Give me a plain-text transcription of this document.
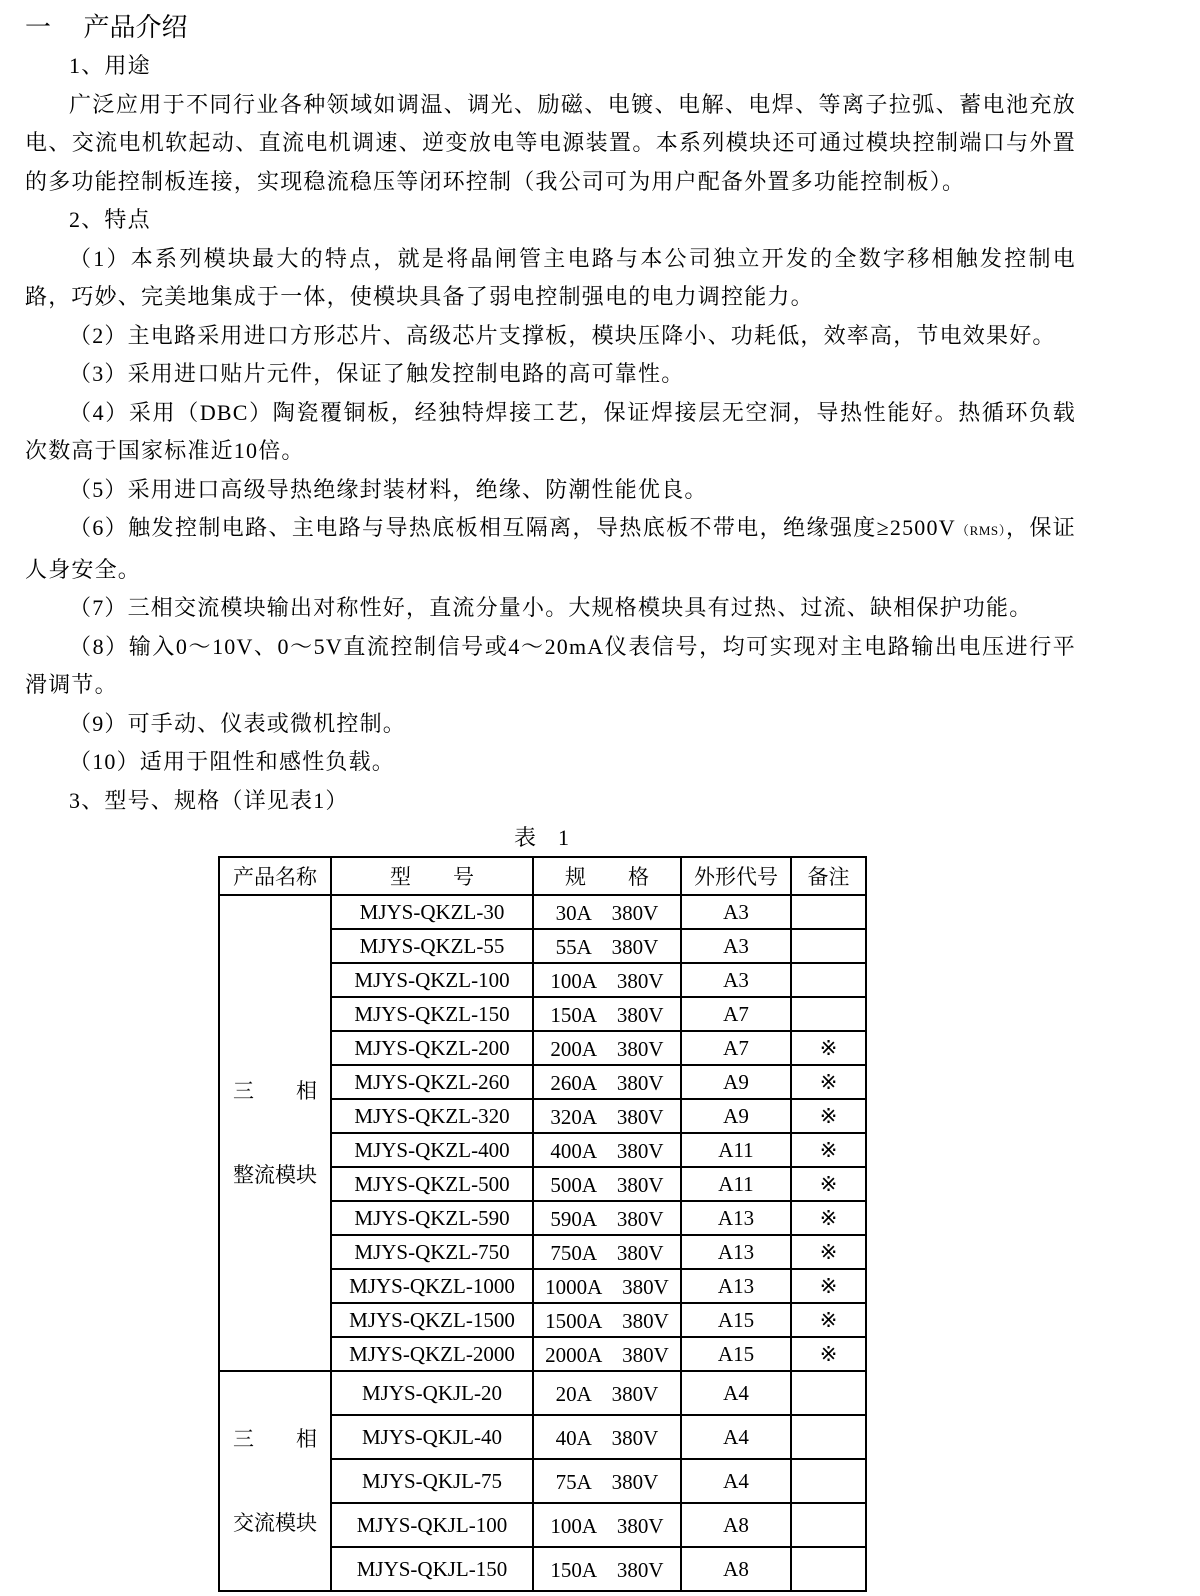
一　 产品介绍

1、用途

广泛应用于不同行业各种领域如调温、调光、励磁、电镀、电解、电焊、等离子拉弧、蓄电池充放电、交流电机软起动、直流电机调速、逆变放电等电源装置。本系列模块还可通过模块控制端口与外置的多功能控制板连接，实现稳流稳压等闭环控制（我公司可为用户配备外置多功能控制板）。

2、特点

（1）本系列模块最大的特点，就是将晶闸管主电路与本公司独立开发的全数字移相触发控制电路，巧妙、完美地集成于一体，使模块具备了弱电控制强电的电力调控能力。

（2）主电路采用进口方形芯片、高级芯片支撑板，模块压降小、功耗低，效率高，节电效果好。

（3）采用进口贴片元件，保证了触发控制电路的高可靠性。

（4）采用（DBC）陶瓷覆铜板，经独特焊接工艺，保证焊接层无空洞，导热性能好。热循环负载次数高于国家标准近10倍。

（5）采用进口高级导热绝缘封装材料，绝缘、防潮性能优良。

（6）触发控制电路、主电路与导热底板相互隔离，导热底板不带电，绝缘强度≥2500V（RMS），保证人身安全。

（7）三相交流模块输出对称性好，直流分量小。大规格模块具有过热、过流、缺相保护功能。

（8）输入0～10V、0～5V直流控制信号或4～20mA仪表信号，均可实现对主电路输出电压进行平滑调节。

（9）可手动、仪表或微机控制。

（10）适用于阻性和感性负载。

3、型号、规格（详见表1）

表　1
产品名称	型　　号	规　　格	外形代号	备注

三　　相

整流模块	MJYS-QKZL-30	30A　380V	A3	
	MJYS-QKZL-55	55A　380V	A3	
	MJYS-QKZL-100	100A　380V	A3	
	MJYS-QKZL-150	150A　380V	A7	
	MJYS-QKZL-200	200A　380V	A7	※
	MJYS-QKZL-260	260A　380V	A9	※
	MJYS-QKZL-320	320A　380V	A9	※
	MJYS-QKZL-400	400A　380V	A11	※
	MJYS-QKZL-500	500A　380V	A11	※
	MJYS-QKZL-590	590A　380V	A13	※
	MJYS-QKZL-750	750A　380V	A13	※
	MJYS-QKZL-1000	1000A　380V	A13	※
	MJYS-QKZL-1500	1500A　380V	A15	※
	MJYS-QKZL-2000	2000A　380V	A15	※

三　　相

交流模块	MJYS-QKJL-20	20A　380V	A4	
	MJYS-QKJL-40	40A　380V	A4	
	MJYS-QKJL-75	75A　380V	A4	
	MJYS-QKJL-100	100A　380V	A8	
	MJYS-QKJL-150	150A　380V	A8	
